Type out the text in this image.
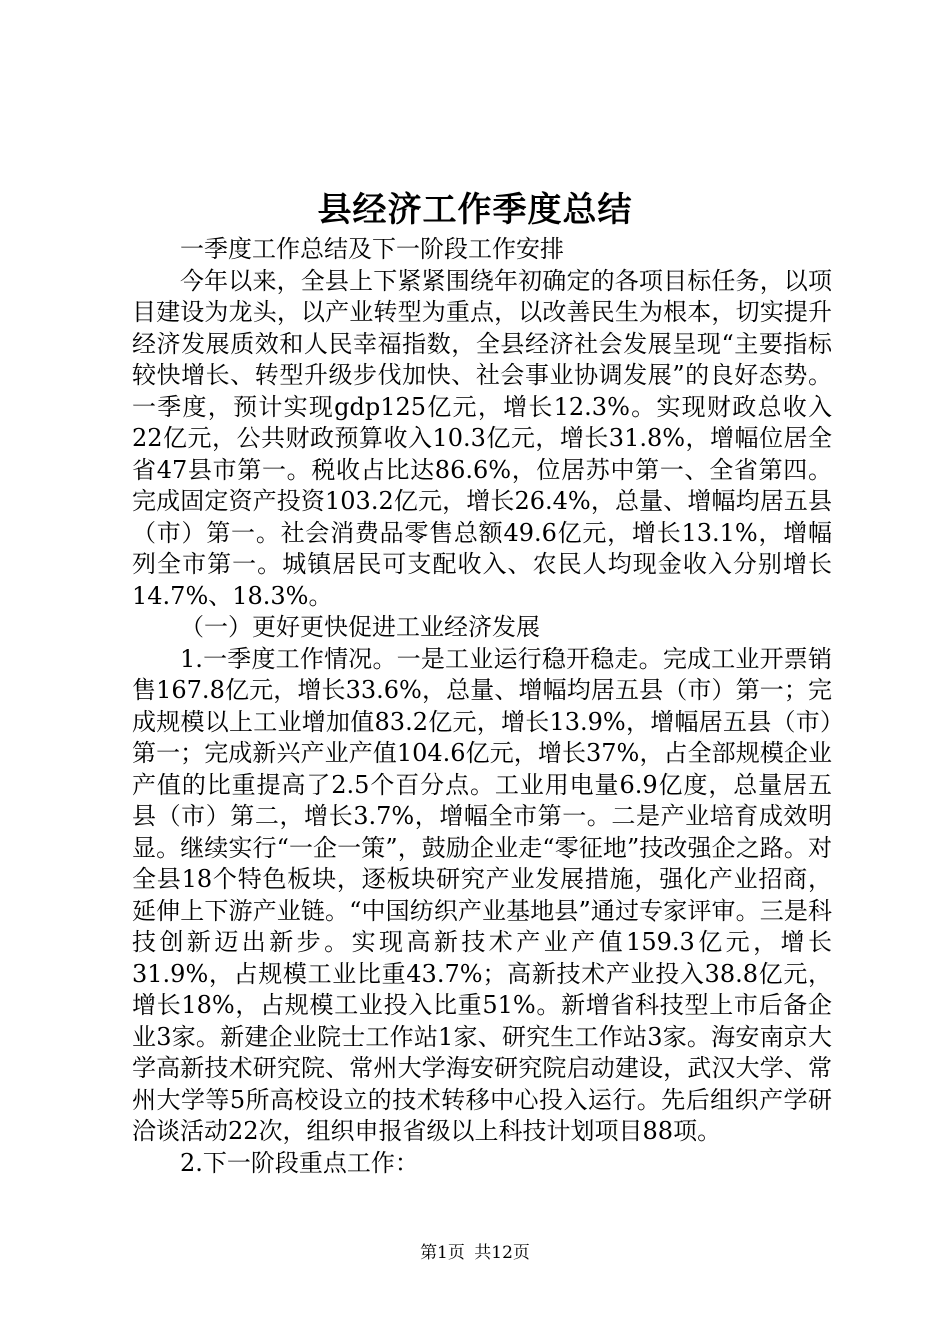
县经济工作季度总结

一季度工作总结及下一阶段工作安排

今年以来，全县上下紧紧围绕年初确定的各项目标任务，以项目建设为龙头，以产业转型为重点，以改善民生为根本，切实提升经济发展质效和人民幸福指数，全县经济社会发展呈现“主要指标较快增长、转型升级步伐加快、社会事业协调发展”的良好态势。一季度，预计实现gdp125亿元，增长12.3%。实现财政总收入22亿元，公共财政预算收入10.3亿元，增长31.8%，增幅位居全省47县市第一。税收占比达86.6%，位居苏中第一、全省第四。完成固定资产投资103.2亿元，增长26.4%，总量、增幅均居五县（市）第一。社会消费品零售总额49.6亿元，增长13.1%，增幅列全市第一。城镇居民可支配收入、农民人均现金收入分别增长14.7%、18.3%。

（一）更好更快促进工业经济发展

1.一季度工作情况。一是工业运行稳开稳走。完成工业开票销售167.8亿元，增长33.6%，总量、增幅均居五县（市）第一；完成规模以上工业增加值83.2亿元，增长13.9%，增幅居五县（市）第一；完成新兴产业产值104.6亿元，增长37%，占全部规模企业产值的比重提高了2.5个百分点。工业用电量6.9亿度，总量居五县（市）第二，增长3.7%，增幅全市第一。二是产业培育成效明显。继续实行“一企一策”，鼓励企业走“零征地”技改强企之路。对全县18个特色板块，逐板块研究产业发展措施，强化产业招商，延伸上下游产业链。“中国纺织产业基地县”通过专家评审。三是科技创新迈出新步。实现高新技术产业产值159.3亿元，增长31.9%，占规模工业比重43.7%；高新技术产业投入38.8亿元，增长18%，占规模工业投入比重51%。新增省科技型上市后备企业3家。新建企业院士工作站1家、研究生工作站3家。海安南京大学高新技术研究院、常州大学海安研究院启动建设，武汉大学、常州大学等5所高校设立的技术转移中心投入运行。先后组织产学研洽谈活动22次，组织申报省级以上科技计划项目88项。

2.下一阶段重点工作：

第1页 共12页
